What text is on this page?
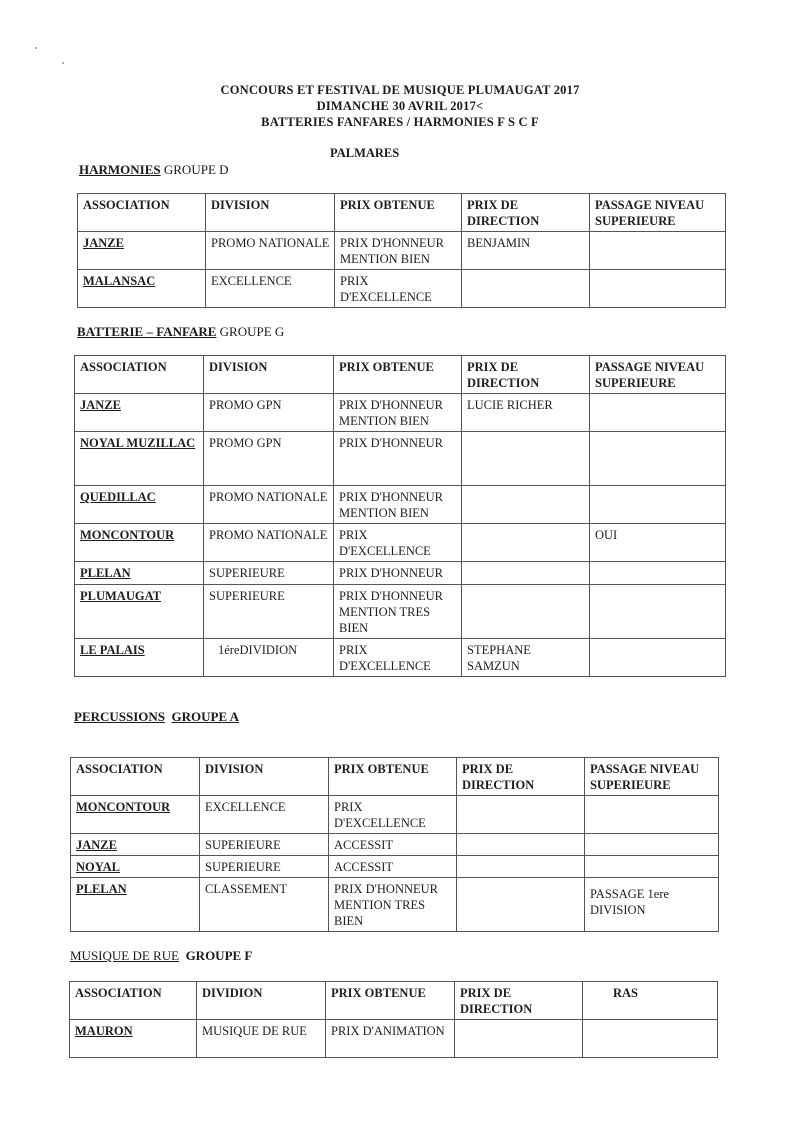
CONCOURS ET FESTIVAL DE MUSIQUE PLUMAUGAT 2017
DIMANCHE 30 AVRIL 2017<
BATTERIES FANFARES / HARMONIES F S C F
PALMARES
HARMONIES GROUPE D
ASSOCIATION	DIVISION	PRIX OBTENUE	PRIX DE DIRECTION	PASSAGE NIVEAU SUPERIEURE
JANZE	PROMO NATIONALE	PRIX D'HONNEUR MENTION BIEN	BENJAMIN	
MALANSAC	EXCELLENCE	PRIX D'EXCELLENCE		
BATTERIE – FANFARE GROUPE G
ASSOCIATION	DIVISION	PRIX OBTENUE	PRIX DE DIRECTION	PASSAGE NIVEAU SUPERIEURE
JANZE	PROMO GPN	PRIX D'HONNEUR MENTION BIEN	LUCIE RICHER	
NOYAL MUZILLAC	PROMO GPN	PRIX D'HONNEUR		
QUEDILLAC	PROMO NATIONALE	PRIX D'HONNEUR MENTION BIEN		
MONCONTOUR	PROMO NATIONALE	PRIX D'EXCELLENCE		OUI
PLELAN	SUPERIEURE	PRIX D'HONNEUR		
PLUMAUGAT	SUPERIEURE	PRIX D'HONNEUR MENTION TRES BIEN		
LE PALAIS	1éreDIVIDION	PRIX D'EXCELLENCE	STEPHANE SAMZUN	
PERCUSSIONS GROUPE A
ASSOCIATION	DIVISION	PRIX OBTENUE	PRIX DE DIRECTION	PASSAGE NIVEAU SUPERIEURE
MONCONTOUR	EXCELLENCE	PRIX D'EXCELLENCE		
JANZE	SUPERIEURE	ACCESSIT		
NOYAL	SUPERIEURE	ACCESSIT		
PLELAN	CLASSEMENT	PRIX D'HONNEUR MENTION TRES BIEN		PASSAGE 1ere DIVISION
MUSIQUE DE RUE GROUPE F
ASSOCIATION	DIVIDION	PRIX OBTENUE	PRIX DE DIRECTION	RAS
MAURON	MUSIQUE DE RUE	PRIX D'ANIMATION		
